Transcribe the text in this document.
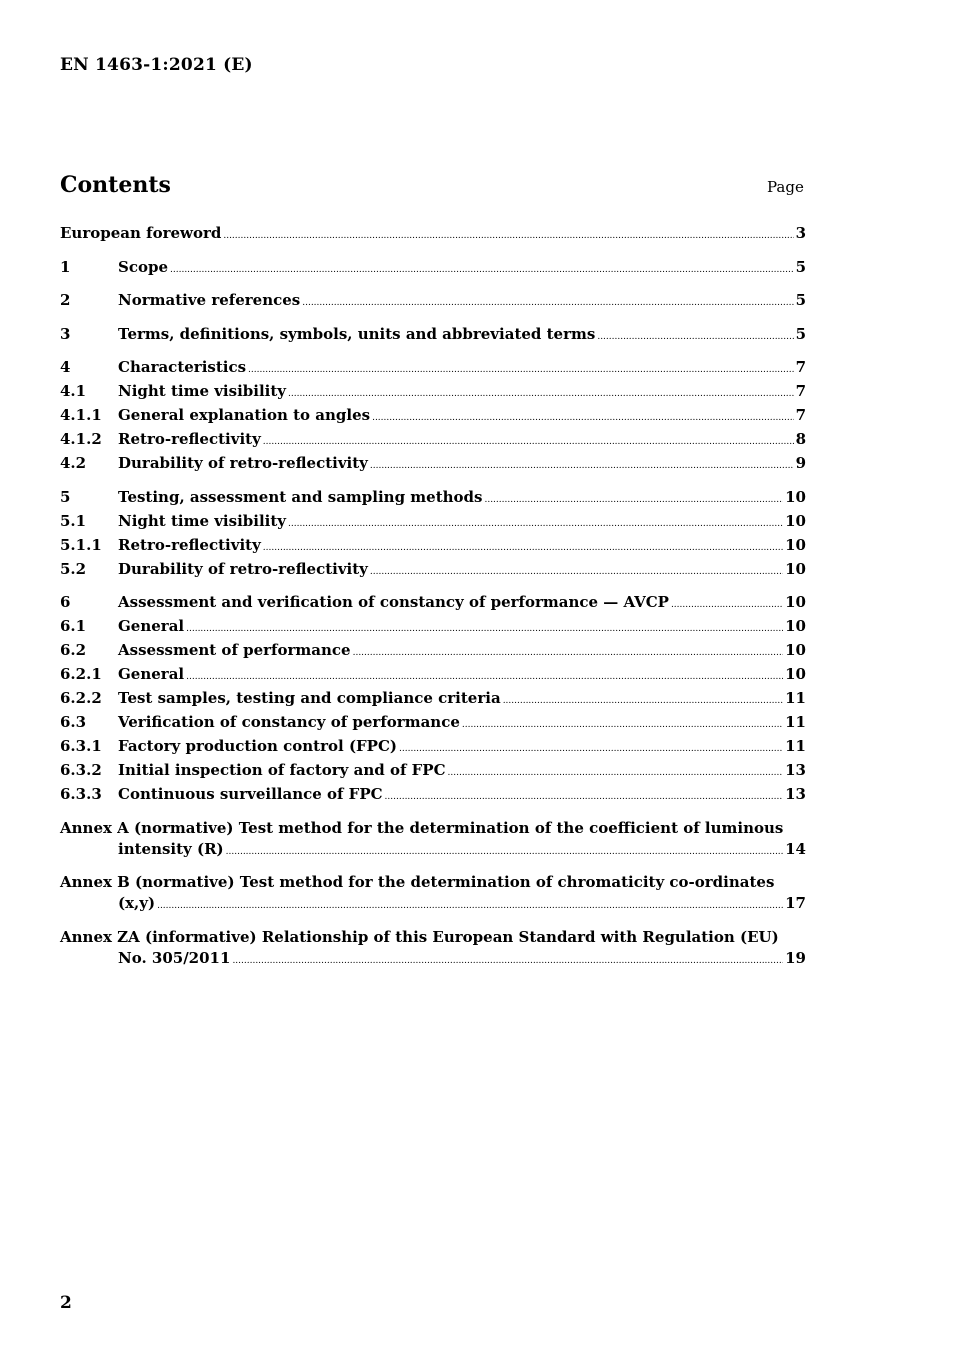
EN 1463-1:2021 (E)
Contents	Page
European foreword .....	3
1	Scope .....	5
2	Normative references .....	5
3	Terms, definitions, symbols, units and abbreviated terms .....	5
4	Characteristics .....	7
4.1	Night time visibility .....	7
4.1.1	General explanation to angles .....	7
4.1.2	Retro-reflectivity .....	8
4.2	Durability of retro-reflectivity .....	9
5	Testing, assessment and sampling methods .....	10
5.1	Night time visibility .....	10
5.1.1	Retro-reflectivity .....	10
5.2	Durability of retro-reflectivity .....	10
6	Assessment and verification of constancy of performance — AVCP .....	10
6.1	General .....	10
6.2	Assessment of performance .....	10
6.2.1	General .....	10
6.2.2	Test samples, testing and compliance criteria .....	11
6.3	Verification of constancy of performance .....	11
6.3.1	Factory production control (FPC) .....	11
6.3.2	Initial inspection of factory and of FPC .....	13
6.3.3	Continuous surveillance of FPC .....	13
Annex A (normative) Test method for the determination of the coefficient of luminous
intensity (R) .....	14
Annex B (normative) Test method for the determination of chromaticity co-ordinates
(x,y) .....	17
Annex ZA (informative) Relationship of this European Standard with Regulation (EU)
No. 305/2011 .....	19
2
